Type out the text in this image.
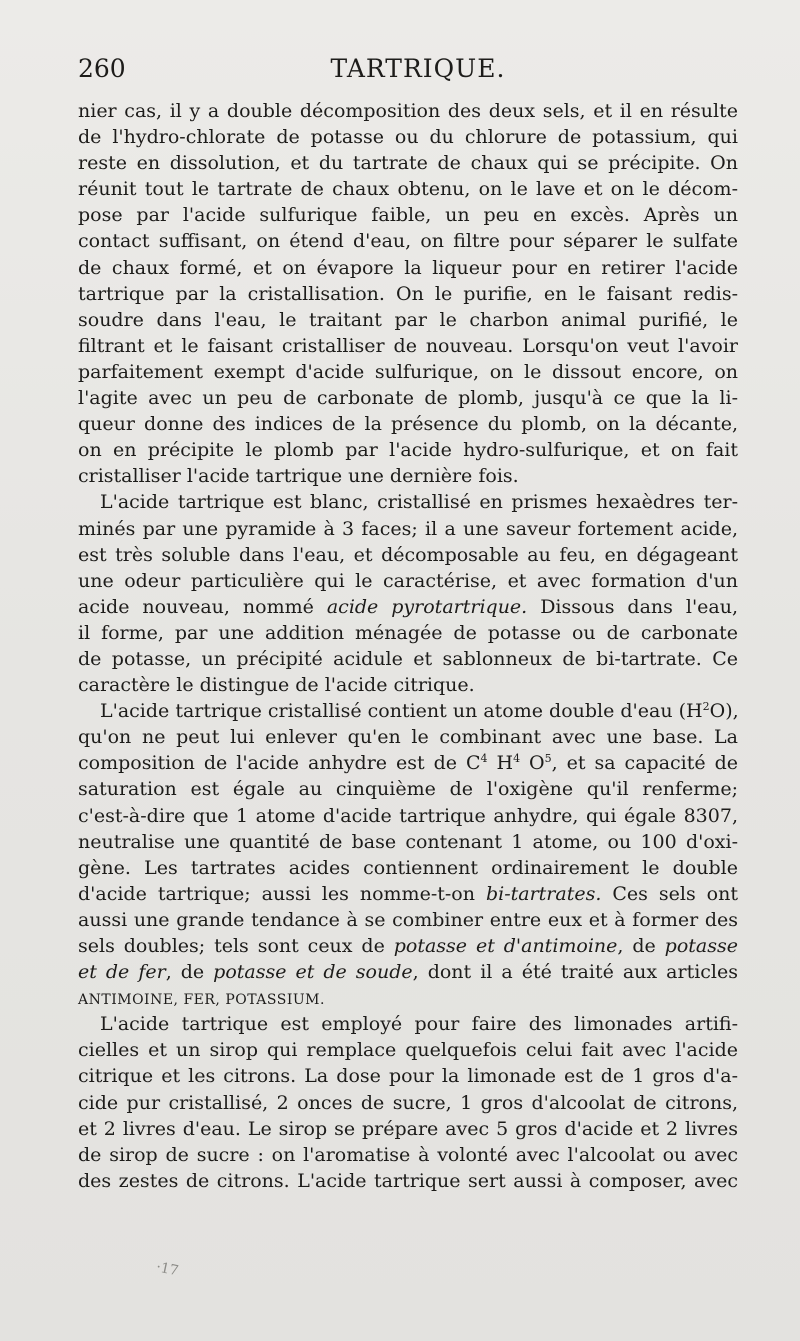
260	TARTRIQUE.
nier cas, il y a double décomposition des deux sels, et il en résulte
de l'hydro-chlorate de potasse ou du chlorure de potassium, qui
reste en dissolution, et du tartrate de chaux qui se précipite. On
réunit tout le tartrate de chaux obtenu, on le lave et on le décom-
pose par l'acide sulfurique faible, un peu en excès. Après un
contact suffisant, on étend d'eau, on filtre pour séparer le sulfate
de chaux formé, et on évapore la liqueur pour en retirer l'acide
tartrique par la cristallisation. On le purifie, en le faisant redis-
soudre dans l'eau, le traitant par le charbon animal purifié, le
filtrant et le faisant cristalliser de nouveau. Lorsqu'on veut l'avoir
parfaitement exempt d'acide sulfurique, on le dissout encore, on
l'agite avec un peu de carbonate de plomb, jusqu'à ce que la li-
queur donne des indices de la présence du plomb, on la décante,
on en précipite le plomb par l'acide hydro-sulfurique, et on fait
cristalliser l'acide tartrique une dernière fois.
L'acide tartrique est blanc, cristallisé en prismes hexaèdres ter-
minés par une pyramide à 3 faces; il a une saveur fortement acide,
est très soluble dans l'eau, et décomposable au feu, en dégageant
une odeur particulière qui le caractérise, et avec formation d'un
acide nouveau, nommé acide pyrotartrique. Dissous dans l'eau,
il forme, par une addition ménagée de potasse ou de carbonate
de potasse, un précipité acidule et sablonneux de bi-tartrate. Ce
caractère le distingue de l'acide citrique.
L'acide tartrique cristallisé contient un atome double d'eau $(H^2O)$,
qu'on ne peut lui enlever qu'en le combinant avec une base. La
composition de l'acide anhydre est de $C^4$ $H^4$ $O^5$, et sa capacité de
saturation est égale au cinquième de l'oxigène qu'il renferme;
c'est-à-dire que 1 atome d'acide tartrique anhydre, qui égale 8307,
neutralise une quantité de base contenant 1 atome, ou 100 d'oxi-
gène. Les tartrates acides contiennent ordinairement le double
d'acide tartrique; aussi les nomme-t-on bi-tartrates. Ces sels ont
aussi une grande tendance à se combiner entre eux et à former des
sels doubles; tels sont ceux de potasse et d'antimoine, de potasse
et de fer, de potasse et de soude, dont il a été traité aux articles
ANTIMOINE, FER, POTASSIUM.
L'acide tartrique est employé pour faire des limonades artifi-
cielles et un sirop qui remplace quelquefois celui fait avec l'acide
citrique et les citrons. La dose pour la limonade est de 1 gros d'a-
cide pur cristallisé, 2 onces de sucre, 1 gros d'alcoolat de citrons,
et 2 livres d'eau. Le sirop se prépare avec 5 gros d'acide et 2 livres
de sirop de sucre : on l'aromatise à volonté avec l'alcoolat ou avec
des zestes de citrons. L'acide tartrique sert aussi à composer, avec
·17
